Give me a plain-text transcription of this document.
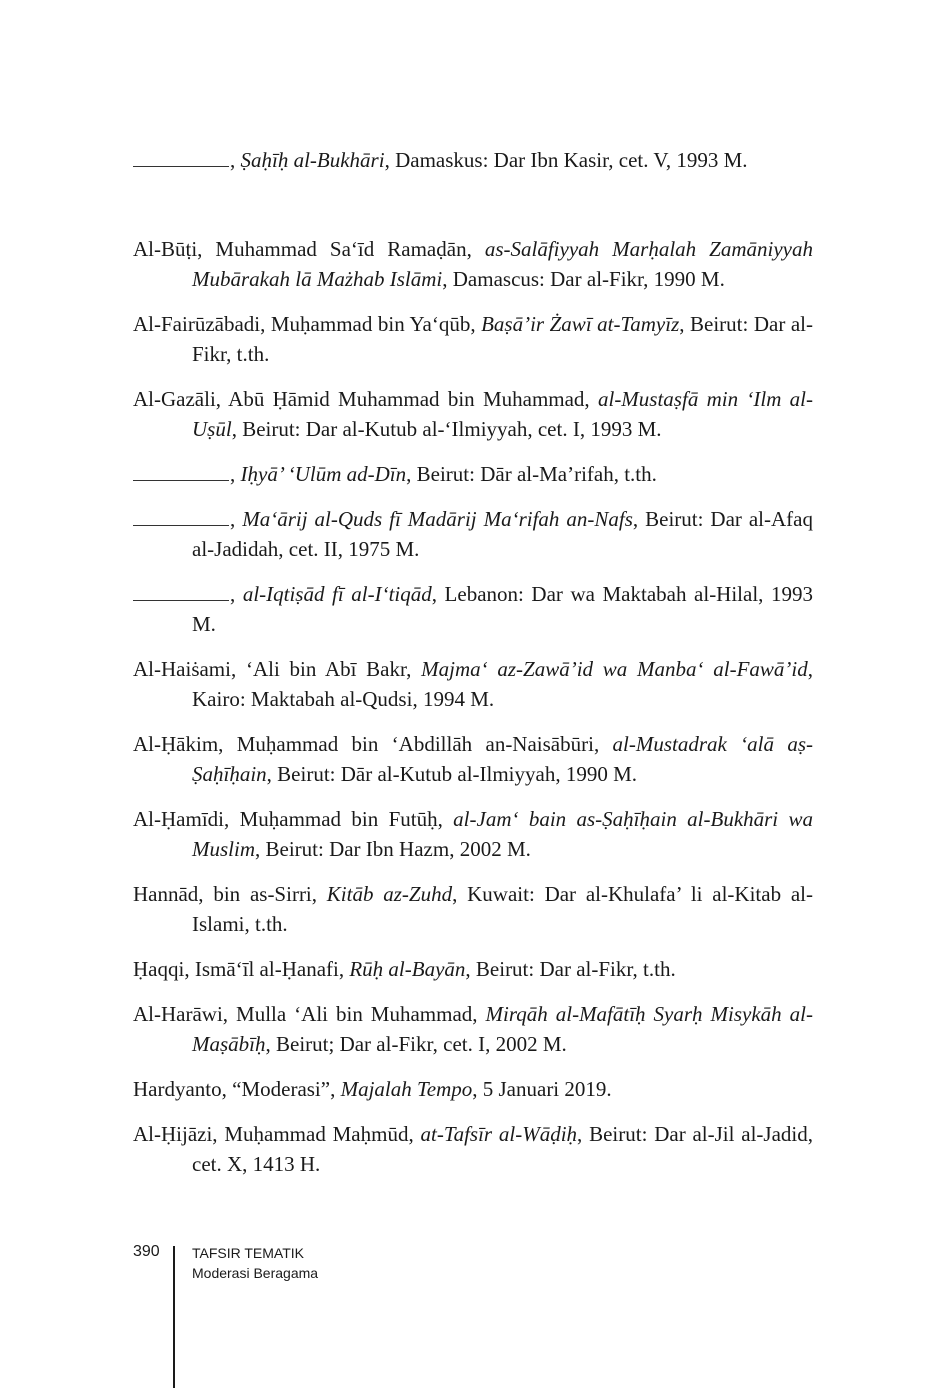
, Ṣaḥīḥ al-Bukhāri, Damaskus: Dar Ibn Kasir, cet. V, 1993 M.
Al-Būṭi, Muhammad Sa‘īd Ramaḍān, as-Salāfiyyah Marḥalah Zamāniyyah Mubārakah lā Mażhab Islāmi, Damascus: Dar al-Fikr, 1990 M.
Al-Fairūzābadi, Muḥammad bin Ya‘qūb, Baṣā’ir Żawī at-Tamyīz, Beirut: Dar al-Fikr, t.th.
Al-Gazāli, Abū Ḥāmid Muhammad bin Muhammad, al-Mustaṣfā min ‘Ilm al-Uṣūl, Beirut: Dar al-Kutub al-‘Ilmiyyah, cet. I, 1993 M.
, Iḥyā’ ‘Ulūm ad-Dīn, Beirut: Dār al-Ma’rifah, t.th.
, Ma‘ārij al-Quds fī Madārij Ma‘rifah an-Nafs, Beirut: Dar al-Afaq al-Jadidah, cet. II, 1975 M.
, al-Iqtiṣād fī al-I‘tiqād, Lebanon: Dar wa Maktabah al-Hilal, 1993 M.
Al-Haiṡami, ‘Ali bin Abī Bakr, Majma‘ az-Zawā’id wa Manba‘ al-Fawā’id, Kairo: Maktabah al-Qudsi, 1994 M.
Al-Ḥākim, Muḥammad bin ‘Abdillāh an-Naisābūri, al-Mustadrak ‘alā aṣ-Ṣaḥīḥain, Beirut: Dār al-Kutub al-Ilmiyyah, 1990 M.
Al-Ḥamīdi, Muḥammad bin Futūḥ, al-Jam‘ bain as-Ṣaḥīḥain al-Bukhāri wa Muslim, Beirut: Dar Ibn Hazm, 2002 M.
Hannād, bin as-Sirri, Kitāb az-Zuhd, Kuwait: Dar al-Khulafa’ li al-Kitab al-Islami, t.th.
Ḥaqqi, Ismā‘īl al-Ḥanafi, Rūḥ al-Bayān, Beirut: Dar al-Fikr, t.th.
Al-Harāwi, Mulla ‘Ali bin Muhammad, Mirqāh al-Mafātīḥ Syarḥ Misykāh al-Maṣābīḥ, Beirut; Dar al-Fikr, cet. I, 2002 M.
Hardyanto, “Moderasi”, Majalah Tempo, 5 Januari 2019.
Al-Ḥijāzi, Muḥammad Maḥmūd, at-Tafsīr al-Wāḍiḥ, Beirut: Dar al-Jil al-Jadid, cet. X, 1413 H.
390 TAFSIR TEMATIK
Moderasi Beragama
